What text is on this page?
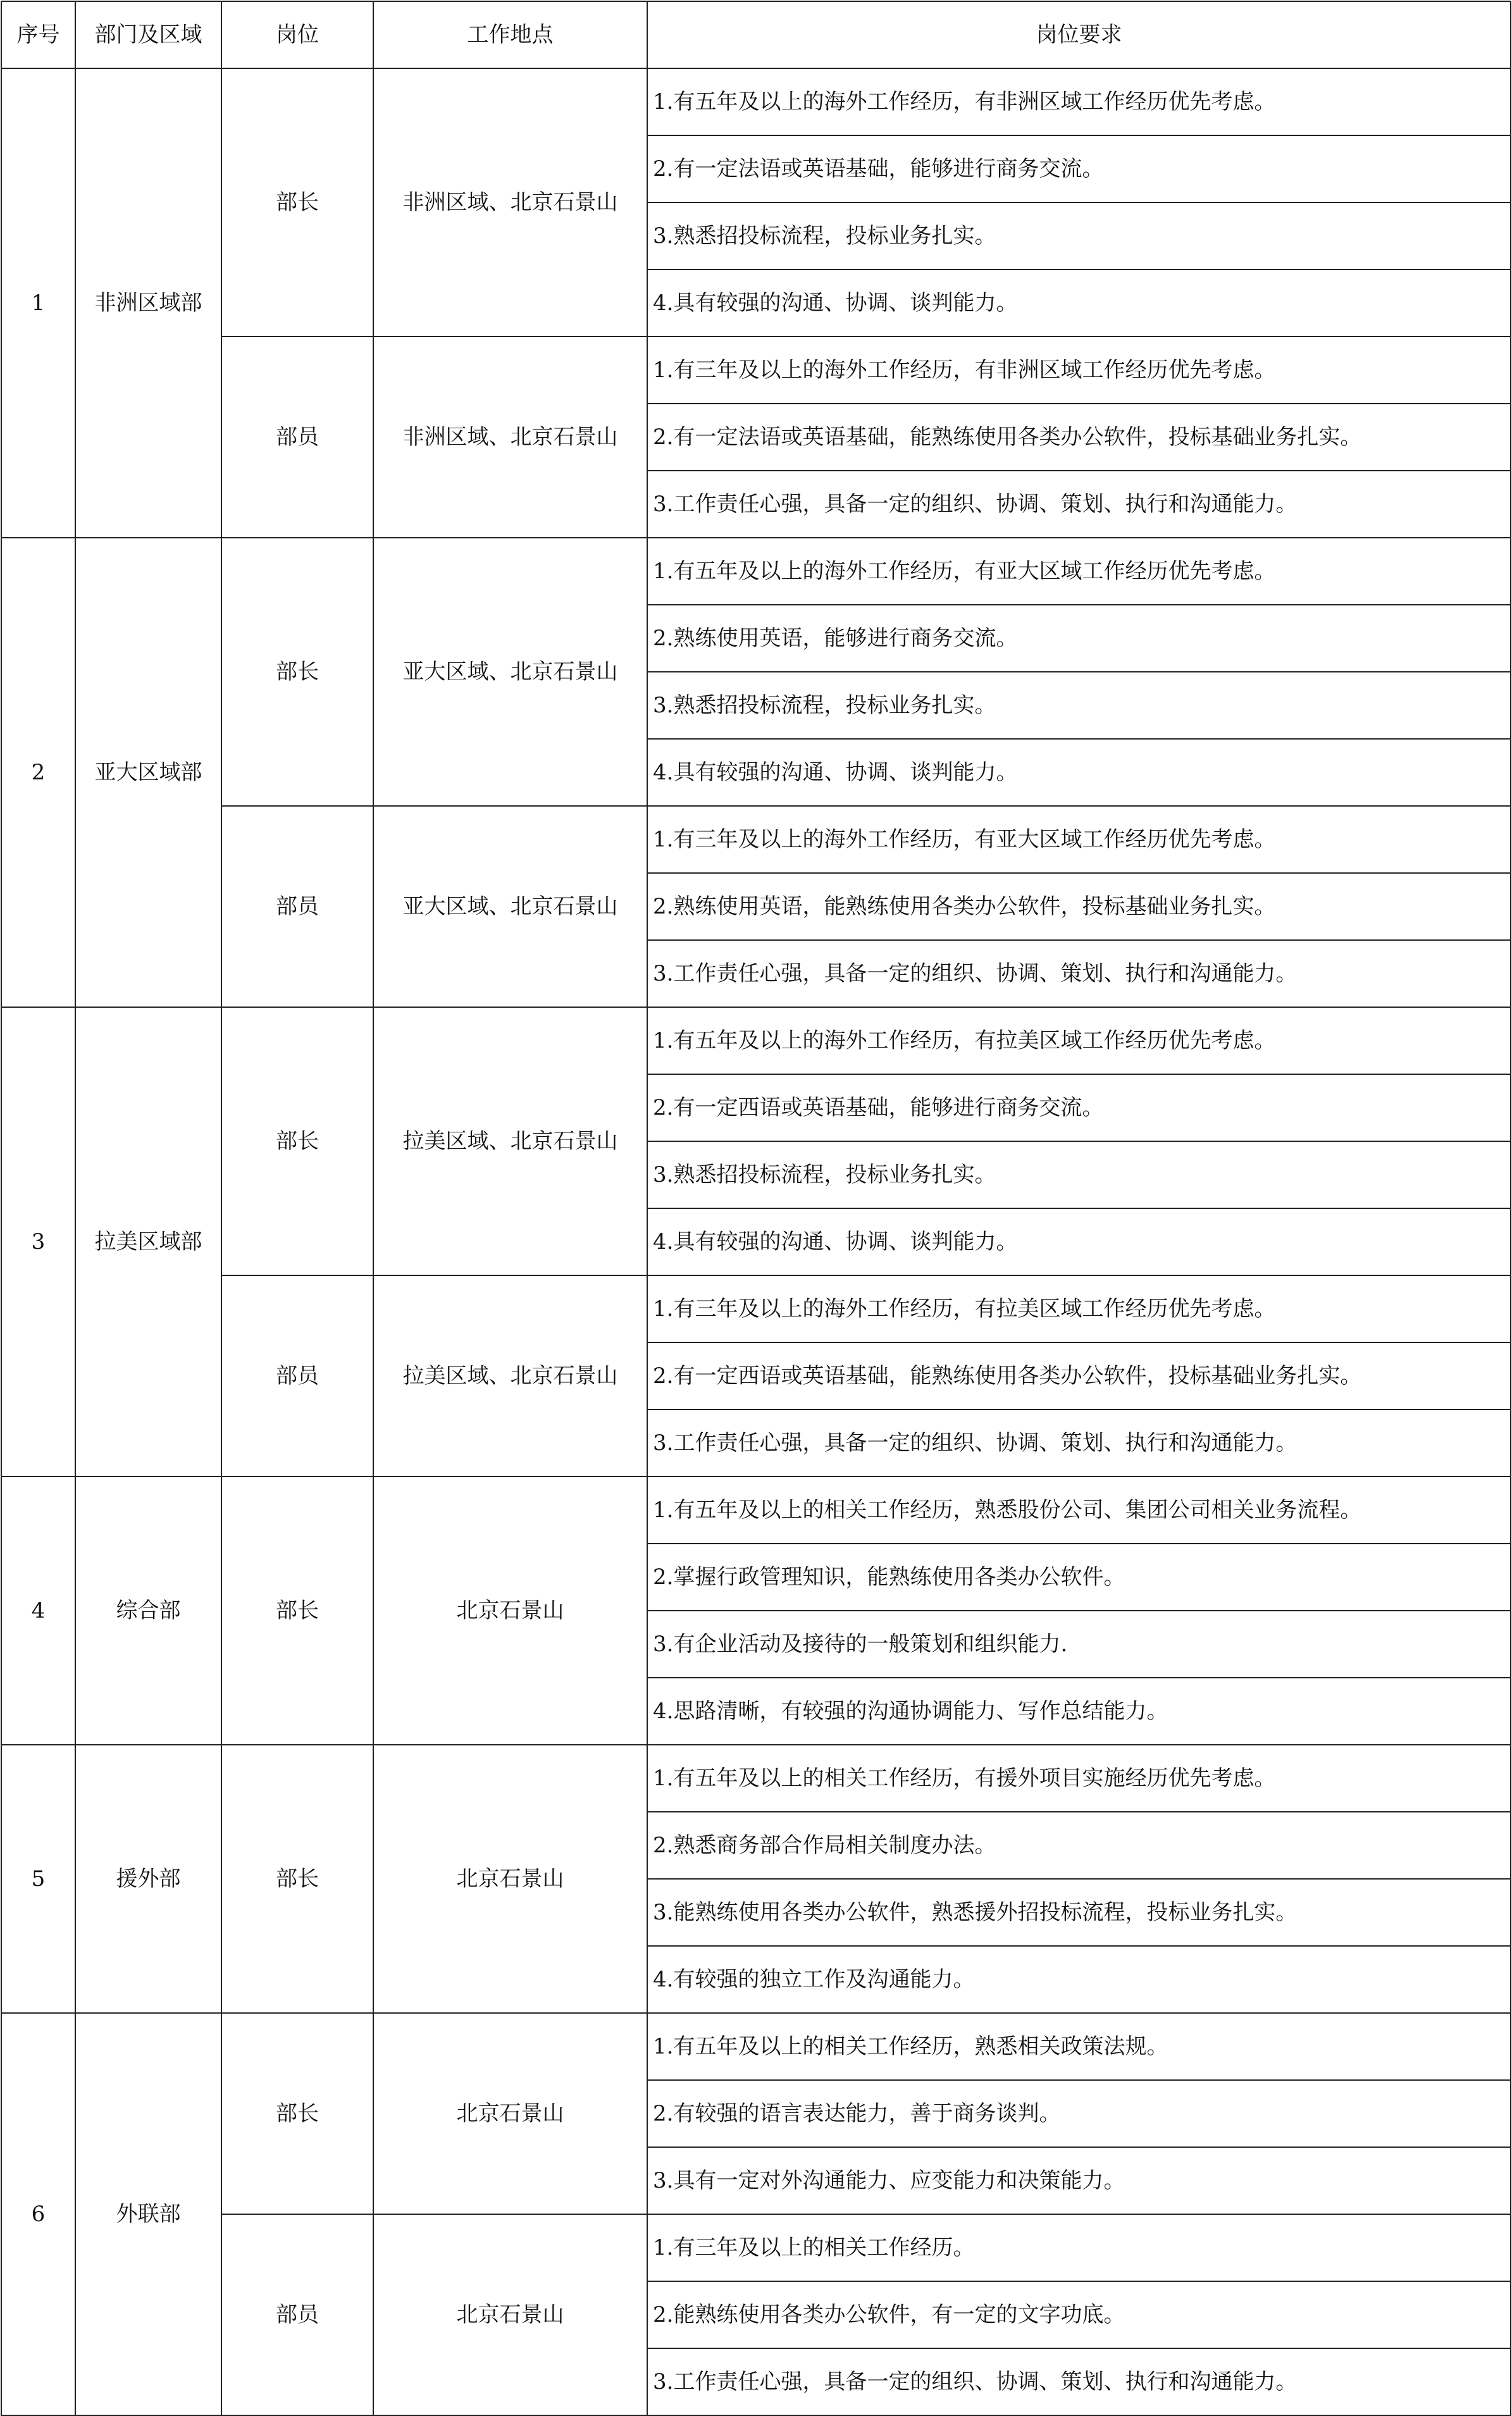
序号	部门及区域	岗位	工作地点	岗位要求
1	非洲区域部	部长	非洲区域、北京石景山	1.有五年及以上的海外工作经历，有非洲区域工作经历优先考虑。
				2.有一定法语或英语基础，能够进行商务交流。
				3.熟悉招投标流程，投标业务扎实。
				4.具有较强的沟通、协调、谈判能力。
		部员	非洲区域、北京石景山	1.有三年及以上的海外工作经历，有非洲区域工作经历优先考虑。
				2.有一定法语或英语基础，能熟练使用各类办公软件，投标基础业务扎实。
				3.工作责任心强，具备一定的组织、协调、策划、执行和沟通能力。
2	亚大区域部	部长	亚大区域、北京石景山	1.有五年及以上的海外工作经历，有亚大区域工作经历优先考虑。
				2.熟练使用英语，能够进行商务交流。
				3.熟悉招投标流程，投标业务扎实。
				4.具有较强的沟通、协调、谈判能力。
		部员	亚大区域、北京石景山	1.有三年及以上的海外工作经历，有亚大区域工作经历优先考虑。
				2.熟练使用英语，能熟练使用各类办公软件，投标基础业务扎实。
				3.工作责任心强，具备一定的组织、协调、策划、执行和沟通能力。
3	拉美区域部	部长	拉美区域、北京石景山	1.有五年及以上的海外工作经历，有拉美区域工作经历优先考虑。
				2.有一定西语或英语基础，能够进行商务交流。
				3.熟悉招投标流程，投标业务扎实。
				4.具有较强的沟通、协调、谈判能力。
		部员	拉美区域、北京石景山	1.有三年及以上的海外工作经历，有拉美区域工作经历优先考虑。
				2.有一定西语或英语基础，能熟练使用各类办公软件，投标基础业务扎实。
				3.工作责任心强，具备一定的组织、协调、策划、执行和沟通能力。
4	综合部	部长	北京石景山	1.有五年及以上的相关工作经历，熟悉股份公司、集团公司相关业务流程。
				2.掌握行政管理知识，能熟练使用各类办公软件。
				3.有企业活动及接待的一般策划和组织能力.
				4.思路清晰，有较强的沟通协调能力、写作总结能力。
5	援外部	部长	北京石景山	1.有五年及以上的相关工作经历，有援外项目实施经历优先考虑。
				2.熟悉商务部合作局相关制度办法。
				3.能熟练使用各类办公软件，熟悉援外招投标流程，投标业务扎实。
				4.有较强的独立工作及沟通能力。
6	外联部	部长	北京石景山	1.有五年及以上的相关工作经历，熟悉相关政策法规。
				2.有较强的语言表达能力，善于商务谈判。
				3.具有一定对外沟通能力、应变能力和决策能力。
		部员	北京石景山	1.有三年及以上的相关工作经历。
				2.能熟练使用各类办公软件，有一定的文字功底。
				3.工作责任心强，具备一定的组织、协调、策划、执行和沟通能力。
